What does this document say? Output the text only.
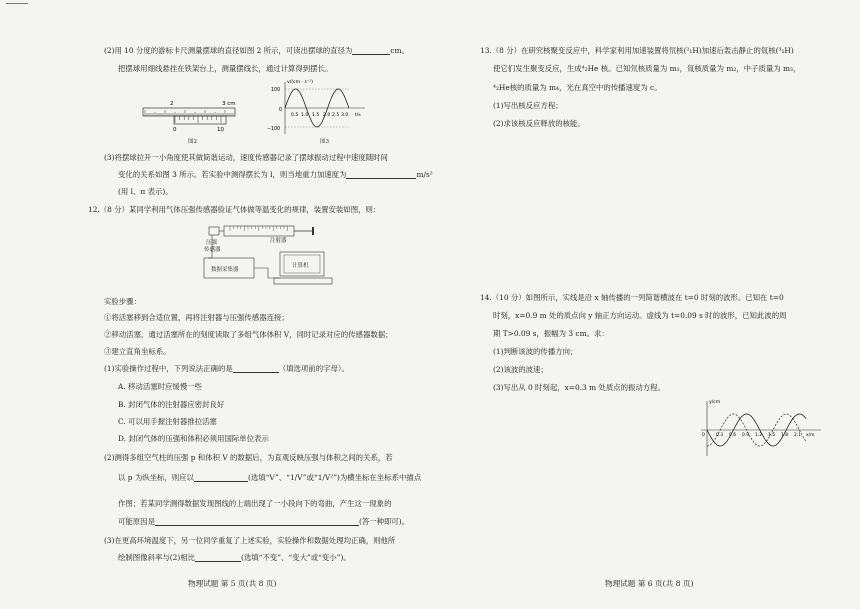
(2)用 10 分度的游标卡尺测量摆球的直径如图 2 所示，可读出摆球的直径为	cm。
把摆球用细线悬挂在铁架台上，测量摆线长，通过计算得到摆长。
2	3 cm
0	10
图2
v/(cm · s⁻¹)
100
0
−100
0.5 1.0 1.5 2.0 2.5 3.0 t/s
图3
(3)将摆球拉开一小角度使其做简谐运动，速度传感器记录了摆球振动过程中速度随时间
变化的关系如图 3 所示。若实验中测得摆长为 l，则当地重力加速度为	m/s²
(用 l、π 表示)。
12.（8 分）某同学利用气体压强传感器验证气体做等温变化的规律，装置安装如图，则：
注射器
压强
传感器
数据采集器
计算机
实验步骤：
①将活塞移到合适位置，再将注射器与压强传感器连接；
②移动活塞，通过活塞所在的刻度读取了多组气体体积 V，同时记录对应的传感器数据；
③建立直角坐标系。
(1)实验操作过程中，下列说法正确的是	（填选项前的字母）。
A. 移动活塞时应缓慢一些
B. 封闭气体的注射器应密封良好
C. 可以用手握注射器推拉活塞
D. 封闭气体的压强和体积必须用国际单位表示
(2)测得多组空气柱的压强 p 和体积 V 的数据后，为直观反映压强与体积之间的关系，若
以 p 为纵坐标，则应以	(选填“V”、“1/V”或“1/V²”)为横坐标在坐标系中描点
作图；若某同学测得数据发现图线的上端出现了一小段向下的弯曲，产生这一现象的
可能原因是	(答一种即可)。
(3)在更高环境温度下，另一位同学重复了上述实验，实验操作和数据处理均正确，则他所
绘制图像斜率与(2)相比	(选填“不变”、“变大”或“变小”)。
物理试题 第 5 页(共 8 页)
13.（8 分）在研究核聚变反应中，科学家利用加速装置将氘核(²₁H)加速后轰击静止的氚核(³₁H)
使它们发生聚变反应，生成⁴₂He 核。已知氘核质量为 m₁，氚核质量为 m₂，中子质量为 m₃，
⁴₂He核的质量为 m₄，光在真空中的传播速度为 c。
(1)写出核反应方程；
(2)求该核反应释放的核能。
14.（10 分）如图所示，实线是沿 x 轴传播的一列简谐横波在 t=0 时刻的波形。已知在 t=0
时刻，x=0.9 m 处的质点向 y 轴正方向运动。虚线为 t=0.09 s 时的波形，已知此波的周
期 T>0.09 s，振幅为 3 cm。求：
(1)判断该波的传播方向；
(2)该波的波速；
(3)写出从 0 时刻起，x=0.3 m 处质点的振动方程。
y/cm
0	0.3 0.6 0.9 1.2 1.5 1.8 2.1 x/m
物理试题 第 6 页(共 8 页)
